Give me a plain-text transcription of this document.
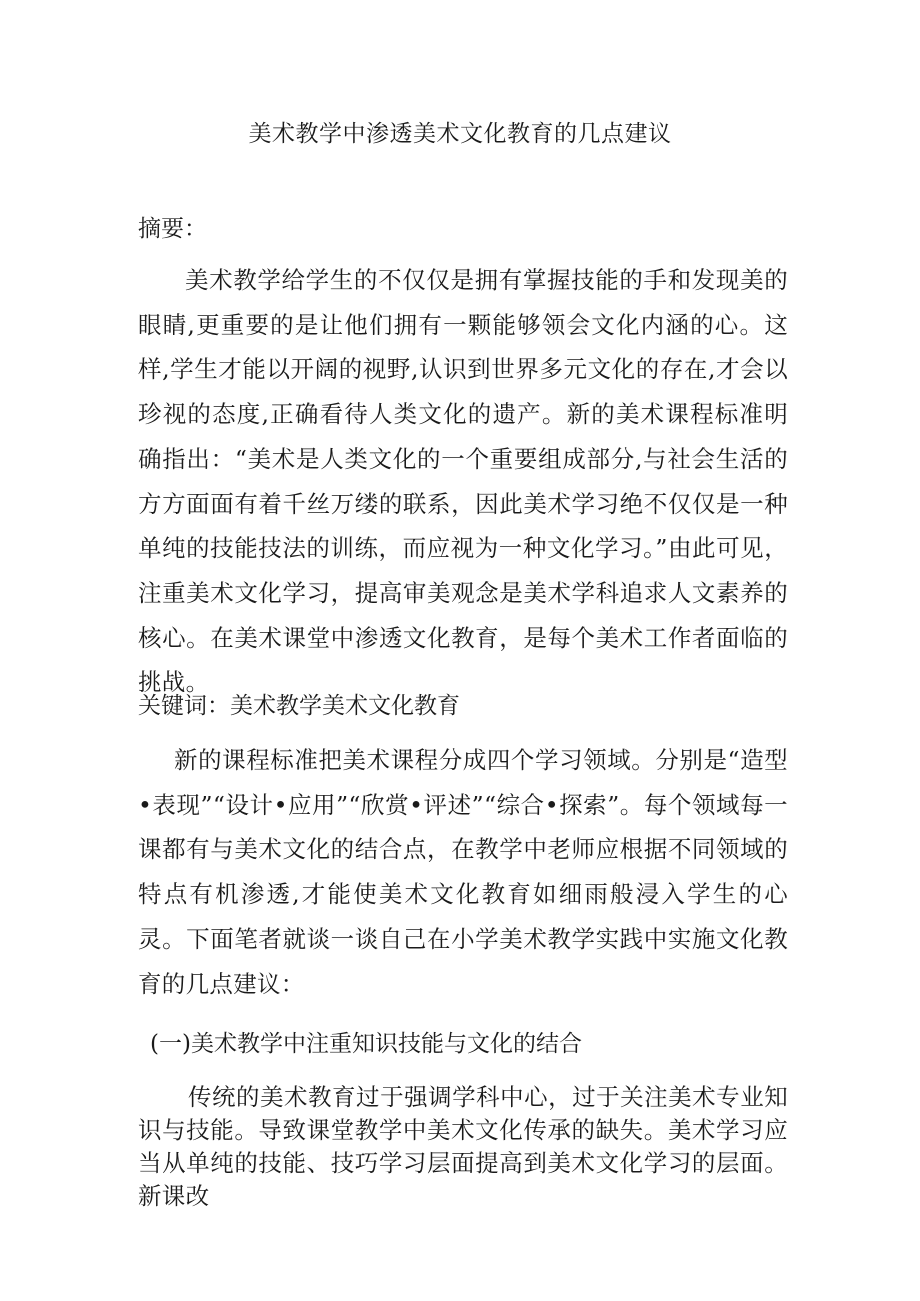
美术教学中渗透美术文化教育的几点建议
摘要：

美术教学给学生的不仅仅是拥有掌握技能的手和发现美的眼睛,更重要的是让他们拥有一颗能够领会文化内涵的心。这样,学生才能以开阔的视野,认识到世界多元文化的存在,才会以珍视的态度,正确看待人类文化的遗产。新的美术课程标准明确指出：“美术是人类文化的一个重要组成部分,与社会生活的方方面面有着千丝万缕的联系，因此美术学习绝不仅仅是一种单纯的技能技法的训练，而应视为一种文化学习。”由此可见，注重美术文化学习，提高审美观念是美术学科追求人文素养的核心。在美术课堂中渗透文化教育，是每个美术工作者面临的挑战。

关键词：美术教学美术文化教育

新的课程标准把美术课程分成四个学习领域。分别是“造型•表现”“设计•应用”“欣赏•评述”“综合•探索”。每个领域每一课都有与美术文化的结合点，在教学中老师应根据不同领域的特点有机渗透,才能使美术文化教育如细雨般浸入学生的心灵。下面笔者就谈一谈自己在小学美术教学实践中实施文化教育的几点建议：

(一)美术教学中注重知识技能与文化的结合

传统的美术教育过于强调学科中心，过于关注美术专业知识与技能。导致课堂教学中美术文化传承的缺失。美术学习应当从单纯的技能、技巧学习层面提高到美术文化学习的层面。新课改
